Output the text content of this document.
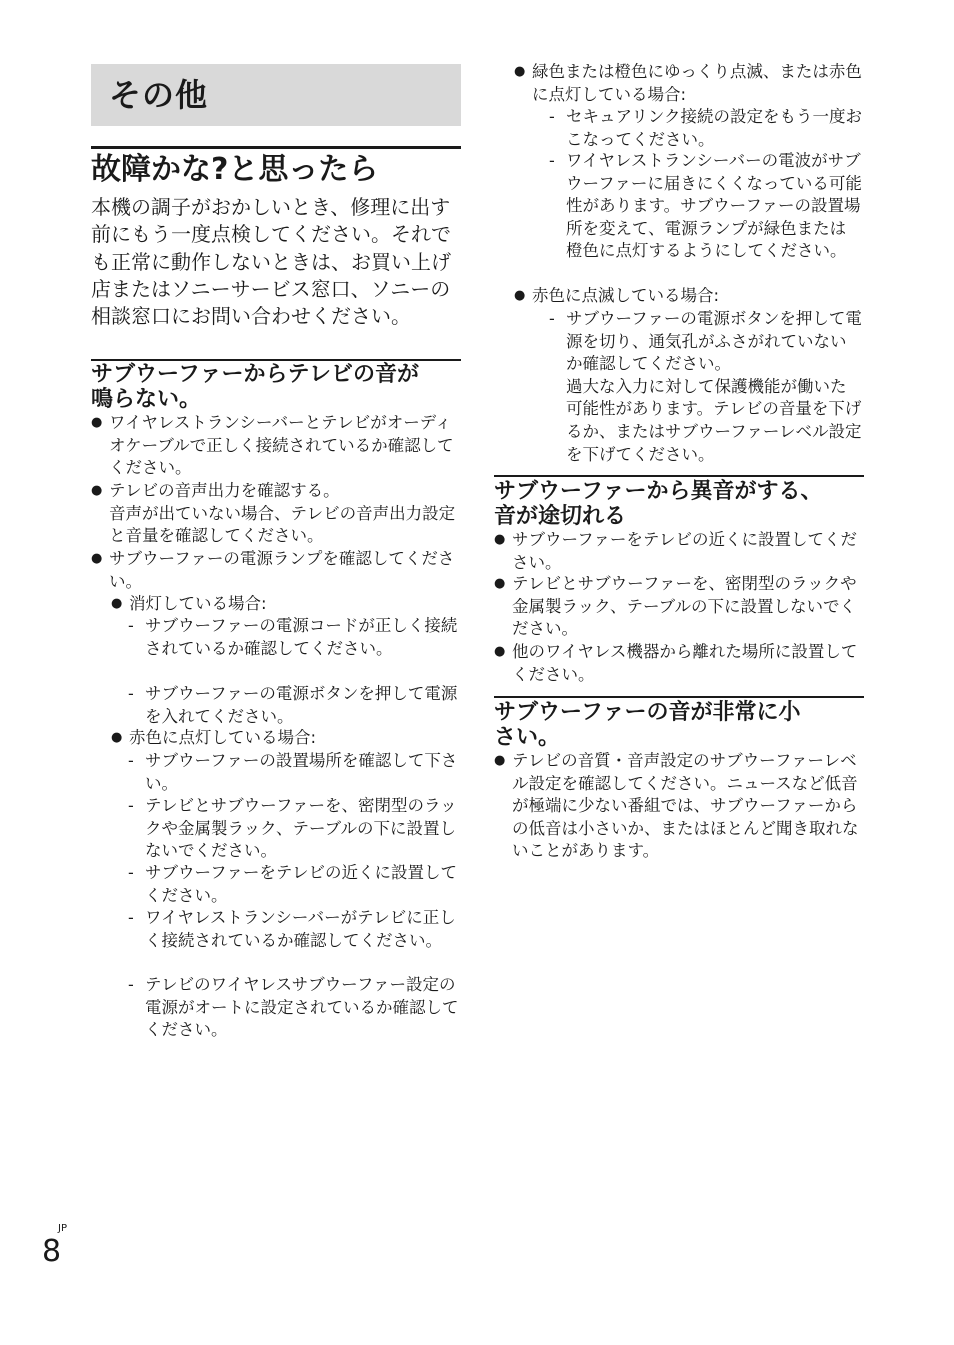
その他
故障かな?と思ったら

本機の調子がおかしいとき、修理に出す前にもう一度点検してください。それでも正常に動作しないときは、お買い上げ店またはソニーサービス窓口、ソニーの相談窓口にお問い合わせください。

サブウーファーからテレビの音が
鳴らない。
● ワイヤレストランシーバーとテレビがオーディオケーブルで正しく接続されているか確認してください。

● テレビの音声出力を確認する。

音声が出ていない場合、テレビの音声出力設定と音量を確認してください。

● サブウーファーの電源ランプを確認してください。

● 消灯している場合:

- サブウーファーの電源コードが正しく接続されているか確認してください。

- サブウーファーの電源ボタンを押して電源を入れてください。

● 赤色に点灯している場合:

- サブウーファーの設置場所を確認して下さい。

- テレビとサブウーファーを、密閉型のラックや金属製ラック、テーブルの下に設置しないでください。

- サブウーファーをテレビの近くに設置してください。

- ワイヤレストランシーバーがテレビに正しく接続されているか確認してください。

- テレビのワイヤレスサブウーファー設定の電源がオートに設定されているか確認してください。

● 緑色または橙色にゆっくり点滅、または赤色に点灯している場合:

- セキュアリンク接続の設定をもう一度おこなってください。

- ワイヤレストランシーバーの電波がサブウーファーに届きにくくなっている可能性があります。サブウーファーの設置場所を変えて、電源ランプが緑色または橙色に点灯するようにしてください。

● 赤色に点滅している場合:

- サブウーファーの電源ボタンを押して電源を切り、通気孔がふさがれていないか確認してください。

過大な入力に対して保護機能が働いた可能性があります。テレビの音量を下げるか、またはサブウーファーレベル設定を下げてください。

サブウーファーから異音がする、
音が途切れる
● サブウーファーをテレビの近くに設置してください。

● テレビとサブウーファーを、密閉型のラックや金属製ラック、テーブルの下に設置しないでください。

● 他のワイヤレス機器から離れた場所に設置してください。

サブウーファーの音が非常に小
さい。
● テレビの音質・音声設定のサブウーファーレベル設定を確認してください。ニュースなど低音が極端に少ない番組では、サブウーファーからの低音は小さいか、またはほとんど聞き取れないことがあります。

JP
8
